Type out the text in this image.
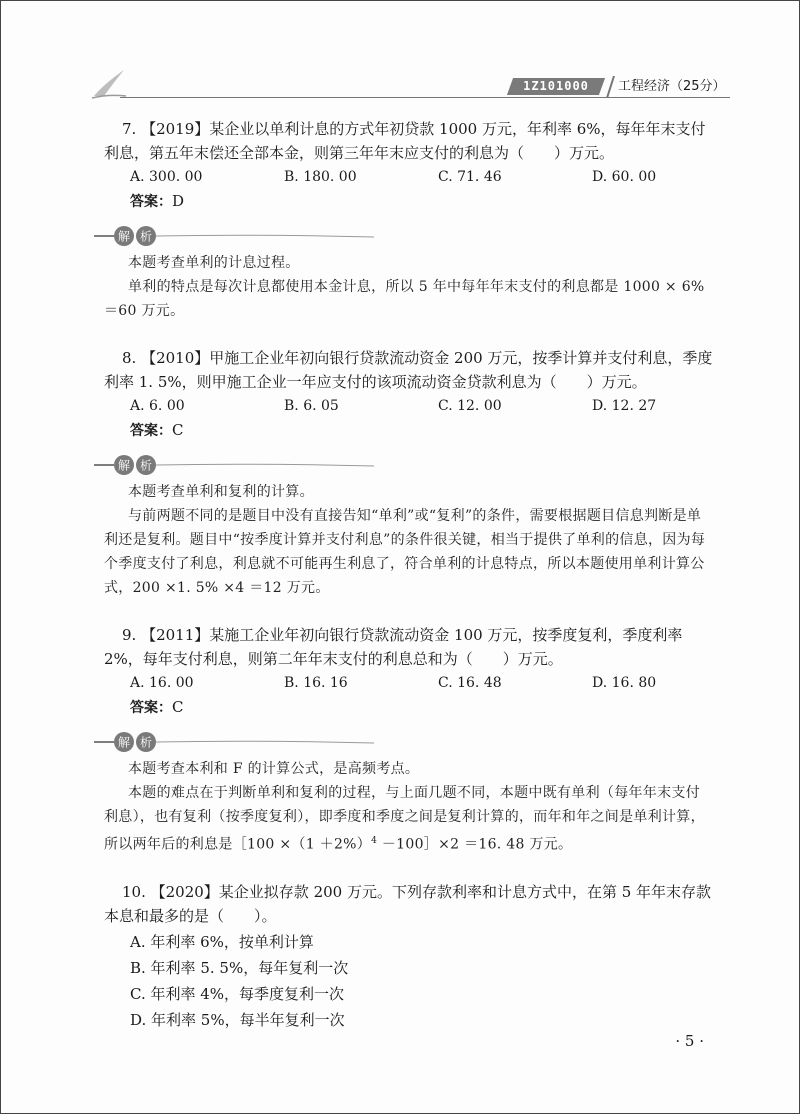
1Z101000	工程经济（25分）

7. 【2019】某企业以单利计息的方式年初贷款 1000 万元，年利率 6%，每年年末支付利息，第五年末偿还全部本金，则第三年年末应支付的利息为（　　）万元。

A. 300. 00	B. 180. 00	C. 71. 46	D. 60. 00
答案：D
解 析

本题考查单利的计息过程。

单利的特点是每次计息都使用本金计息，所以 5 年中每年年末支付的利息都是 1000 × 6% ＝60 万元。

8. 【2010】甲施工企业年初向银行贷款流动资金 200 万元，按季计算并支付利息，季度利率 1. 5%，则甲施工企业一年应支付的该项流动资金贷款利息为（　　）万元。

A. 6. 00	B. 6. 05	C. 12. 00	D. 12. 27
答案：C
解 析

本题考查单利和复利的计算。

与前两题不同的是题目中没有直接告知“单利”或“复利”的条件，需要根据题目信息判断是单利还是复利。题目中“按季度计算并支付利息”的条件很关键，相当于提供了单利的信息，因为每个季度支付了利息，利息就不可能再生利息了，符合单利的计息特点，所以本题使用单利计算公式，200 ×1. 5% ×4 ＝12 万元。

9. 【2011】某施工企业年初向银行贷款流动资金 100 万元，按季度复利，季度利率 2%，每年支付利息，则第二年年末支付的利息总和为（　　）万元。

A. 16. 00	B. 16. 16	C. 16. 48	D. 16. 80
答案：C
解 析

本题考查本利和 F 的计算公式，是高频考点。

本题的难点在于判断单利和复利的过程，与上面几题不同，本题中既有单利（每年年末支付利息），也有复利（按季度复利），即季度和季度之间是复利计算的，而年和年之间是单利计算，所以两年后的利息是［100 $\times(1 +2\%)^4$ －100］×2 ＝16. 48 万元。

10. 【2020】某企业拟存款 200 万元。下列存款利率和计息方式中，在第 5 年年末存款本息和最多的是（　　）。

A. 年利率 6%，按单利计算
B. 年利率 5. 5%，每年复利一次
C. 年利率 4%，每季度复利一次
D. 年利率 5%，每半年复利一次
· 5 ·
